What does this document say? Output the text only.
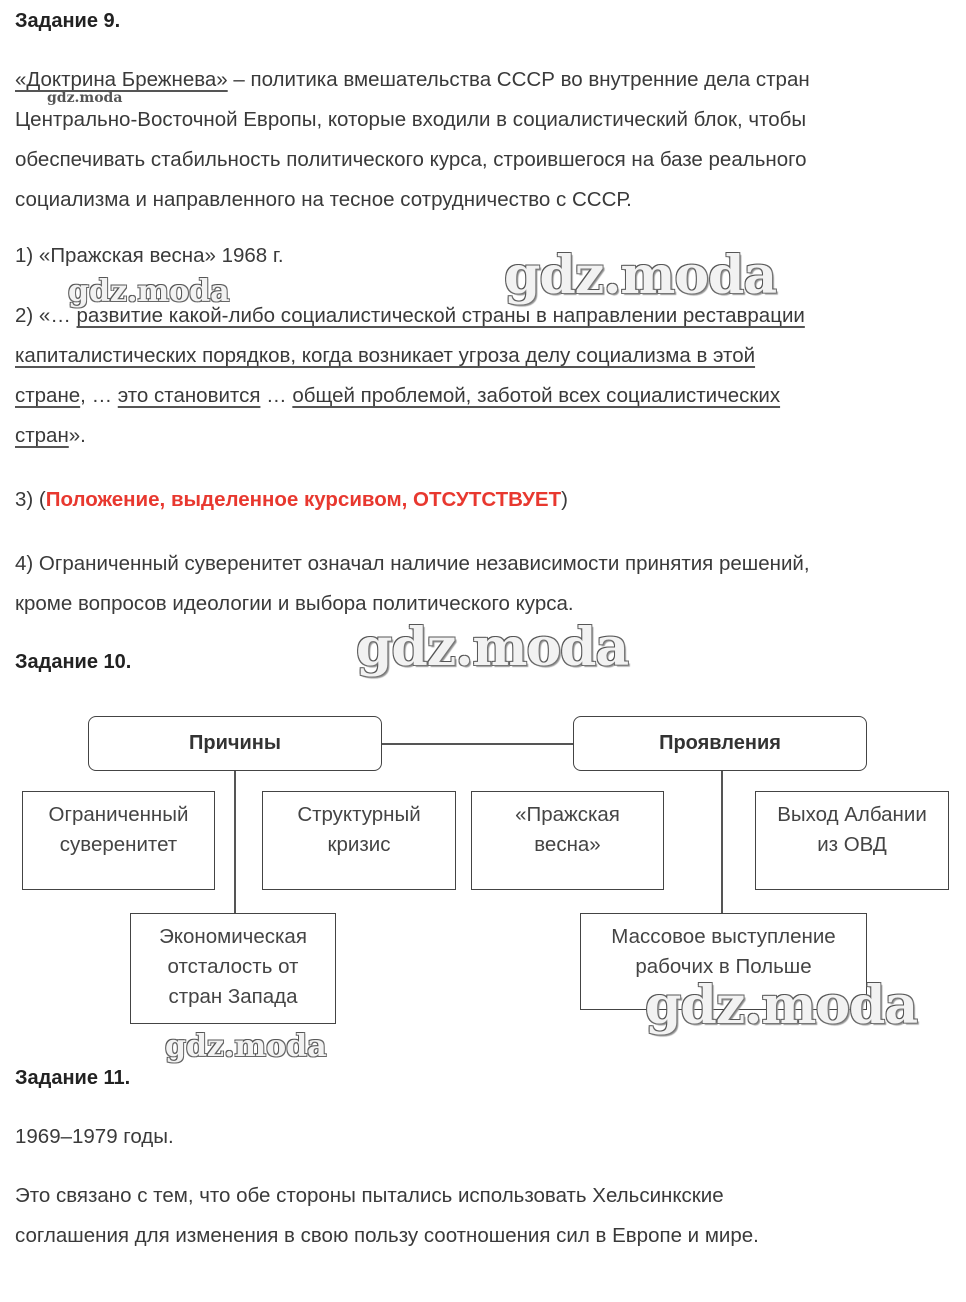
Задание 9.
«Доктрина Брежнева» – политика вмешательства СССР во внутренние дела стран
Центрально-Восточной Европы, которые входили в социалистический блок, чтобы
обеспечивать стабильность политического курса, строившегося на базе реального
социализма и направленного на тесное сотрудничество с СССР.
1) «Пражская весна» 1968 г.
2) «… развитие какой-либо социалистической страны в направлении реставрации
капиталистических порядков, когда возникает угроза делу социализма в этой
стране, … это становится … общей проблемой, заботой всех социалистических
стран».
3) (Положение, выделенное курсивом, ОТСУТСТВУЕТ)
4) Ограниченный суверенитет означал наличие независимости принятия решений,
кроме вопросов идеологии и выбора политического курса.
Задание 10.
Причины	Проявления
Ограниченный
суверенитет
Структурный
кризис
Экономическая
отсталость от
стран Запада
«Пражская
весна»
Выход Албании
из ОВД
Массовое выступление
рабочих в Польше
Задание 11.
1969–1979 годы.
Это связано с тем, что обе стороны пытались использовать Хельсинкские
соглашения для изменения в свою пользу соотношения сил в Европе и мире.
gdz.moda
gdz.moda	gdz.moda
gdz.moda
gdz.moda
gdz.moda
